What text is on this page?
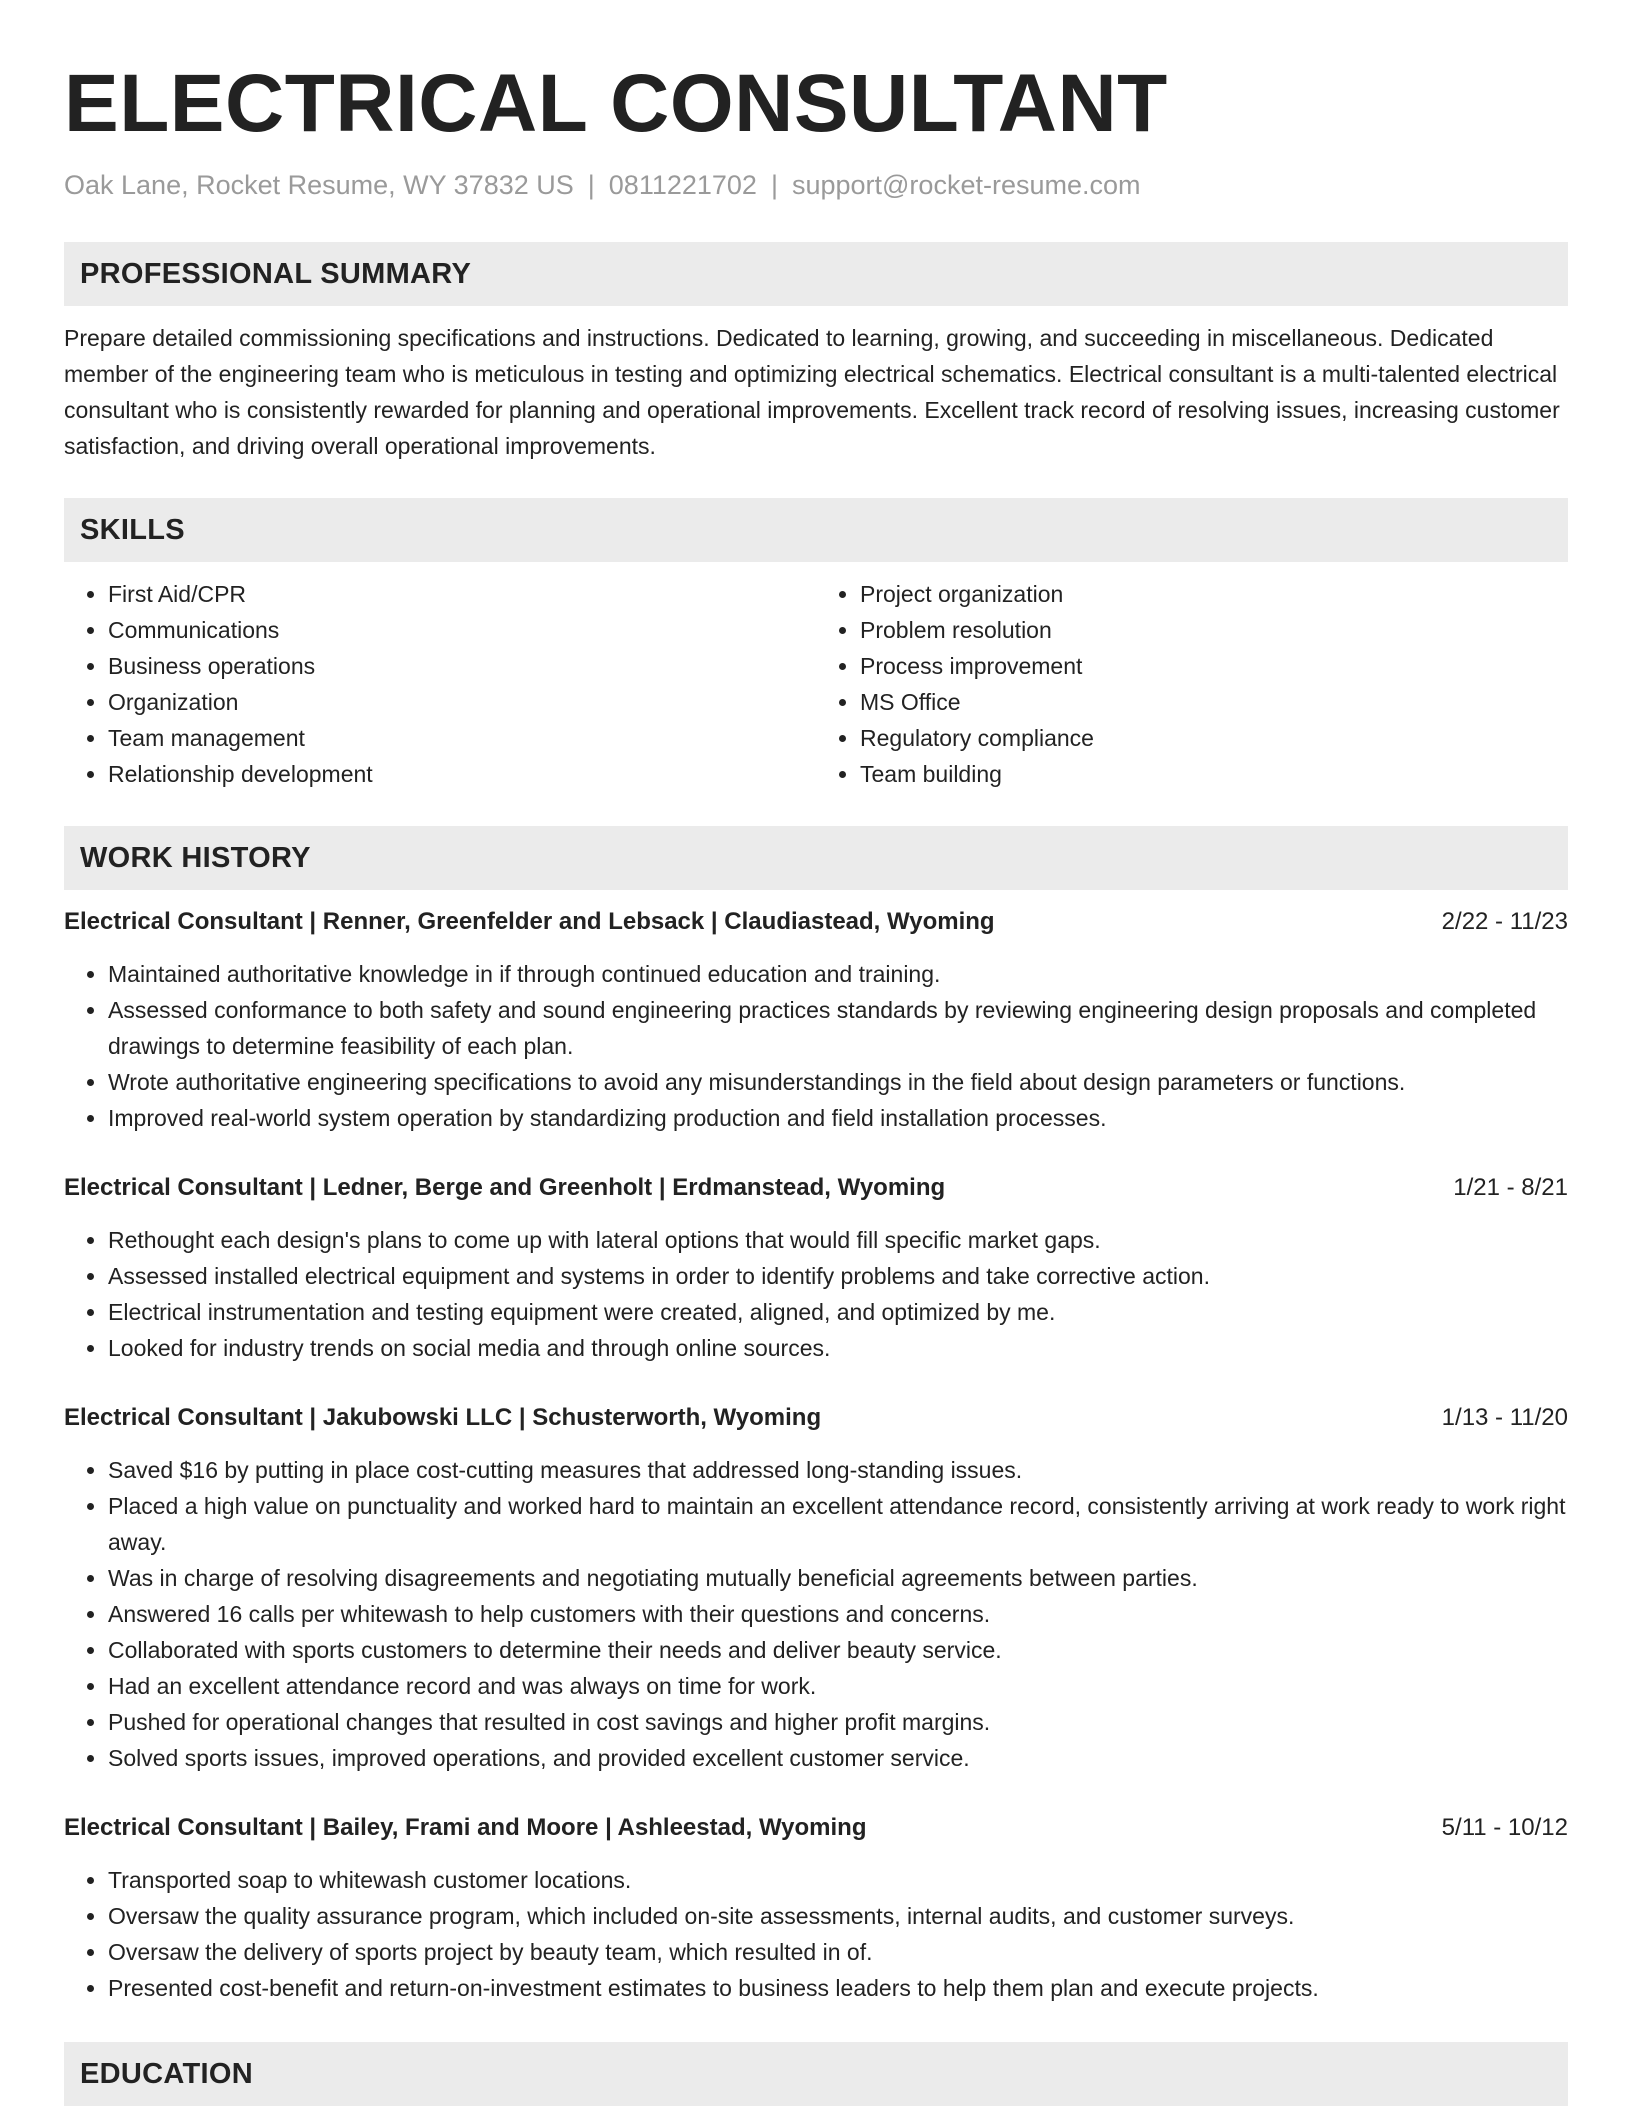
ELECTRICAL CONSULTANT
Oak Lane, Rocket Resume, WY 37832 US | 0811221702 | support@rocket-resume.com
PROFESSIONAL SUMMARY
Prepare detailed commissioning specifications and instructions. Dedicated to learning, growing, and succeeding in miscellaneous. Dedicated member of the engineering team who is meticulous in testing and optimizing electrical schematics. Electrical consultant is a multi-talented electrical consultant who is consistently rewarded for planning and operational improvements. Excellent track record of resolving issues, increasing customer satisfaction, and driving overall operational improvements.
SKILLS
• First Aid/CPR
• Communications
• Business operations
• Organization
• Team management
• Relationship development
• Project organization
• Problem resolution
• Process improvement
• MS Office
• Regulatory compliance
• Team building
WORK HISTORY
Electrical Consultant | Renner, Greenfelder and Lebsack | Claudiastead, Wyoming	2/22 - 11/23
• Maintained authoritative knowledge in if through continued education and training.
• Assessed conformance to both safety and sound engineering practices standards by reviewing engineering design proposals and completed drawings to determine feasibility of each plan.
• Wrote authoritative engineering specifications to avoid any misunderstandings in the field about design parameters or functions.
• Improved real-world system operation by standardizing production and field installation processes.
Electrical Consultant | Ledner, Berge and Greenholt | Erdmanstead, Wyoming	1/21 - 8/21
• Rethought each design's plans to come up with lateral options that would fill specific market gaps.
• Assessed installed electrical equipment and systems in order to identify problems and take corrective action.
• Electrical instrumentation and testing equipment were created, aligned, and optimized by me.
• Looked for industry trends on social media and through online sources.
Electrical Consultant | Jakubowski LLC | Schusterworth, Wyoming	1/13 - 11/20
• Saved $16 by putting in place cost-cutting measures that addressed long-standing issues.
• Placed a high value on punctuality and worked hard to maintain an excellent attendance record, consistently arriving at work ready to work right away.
• Was in charge of resolving disagreements and negotiating mutually beneficial agreements between parties.
• Answered 16 calls per whitewash to help customers with their questions and concerns.
• Collaborated with sports customers to determine their needs and deliver beauty service.
• Had an excellent attendance record and was always on time for work.
• Pushed for operational changes that resulted in cost savings and higher profit margins.
• Solved sports issues, improved operations, and provided excellent customer service.
Electrical Consultant | Bailey, Frami and Moore | Ashleestad, Wyoming	5/11 - 10/12
• Transported soap to whitewash customer locations.
• Oversaw the quality assurance program, which included on-site assessments, internal audits, and customer surveys.
• Oversaw the delivery of sports project by beauty team, which resulted in of.
• Presented cost-benefit and return-on-investment estimates to business leaders to help them plan and execute projects.
EDUCATION
